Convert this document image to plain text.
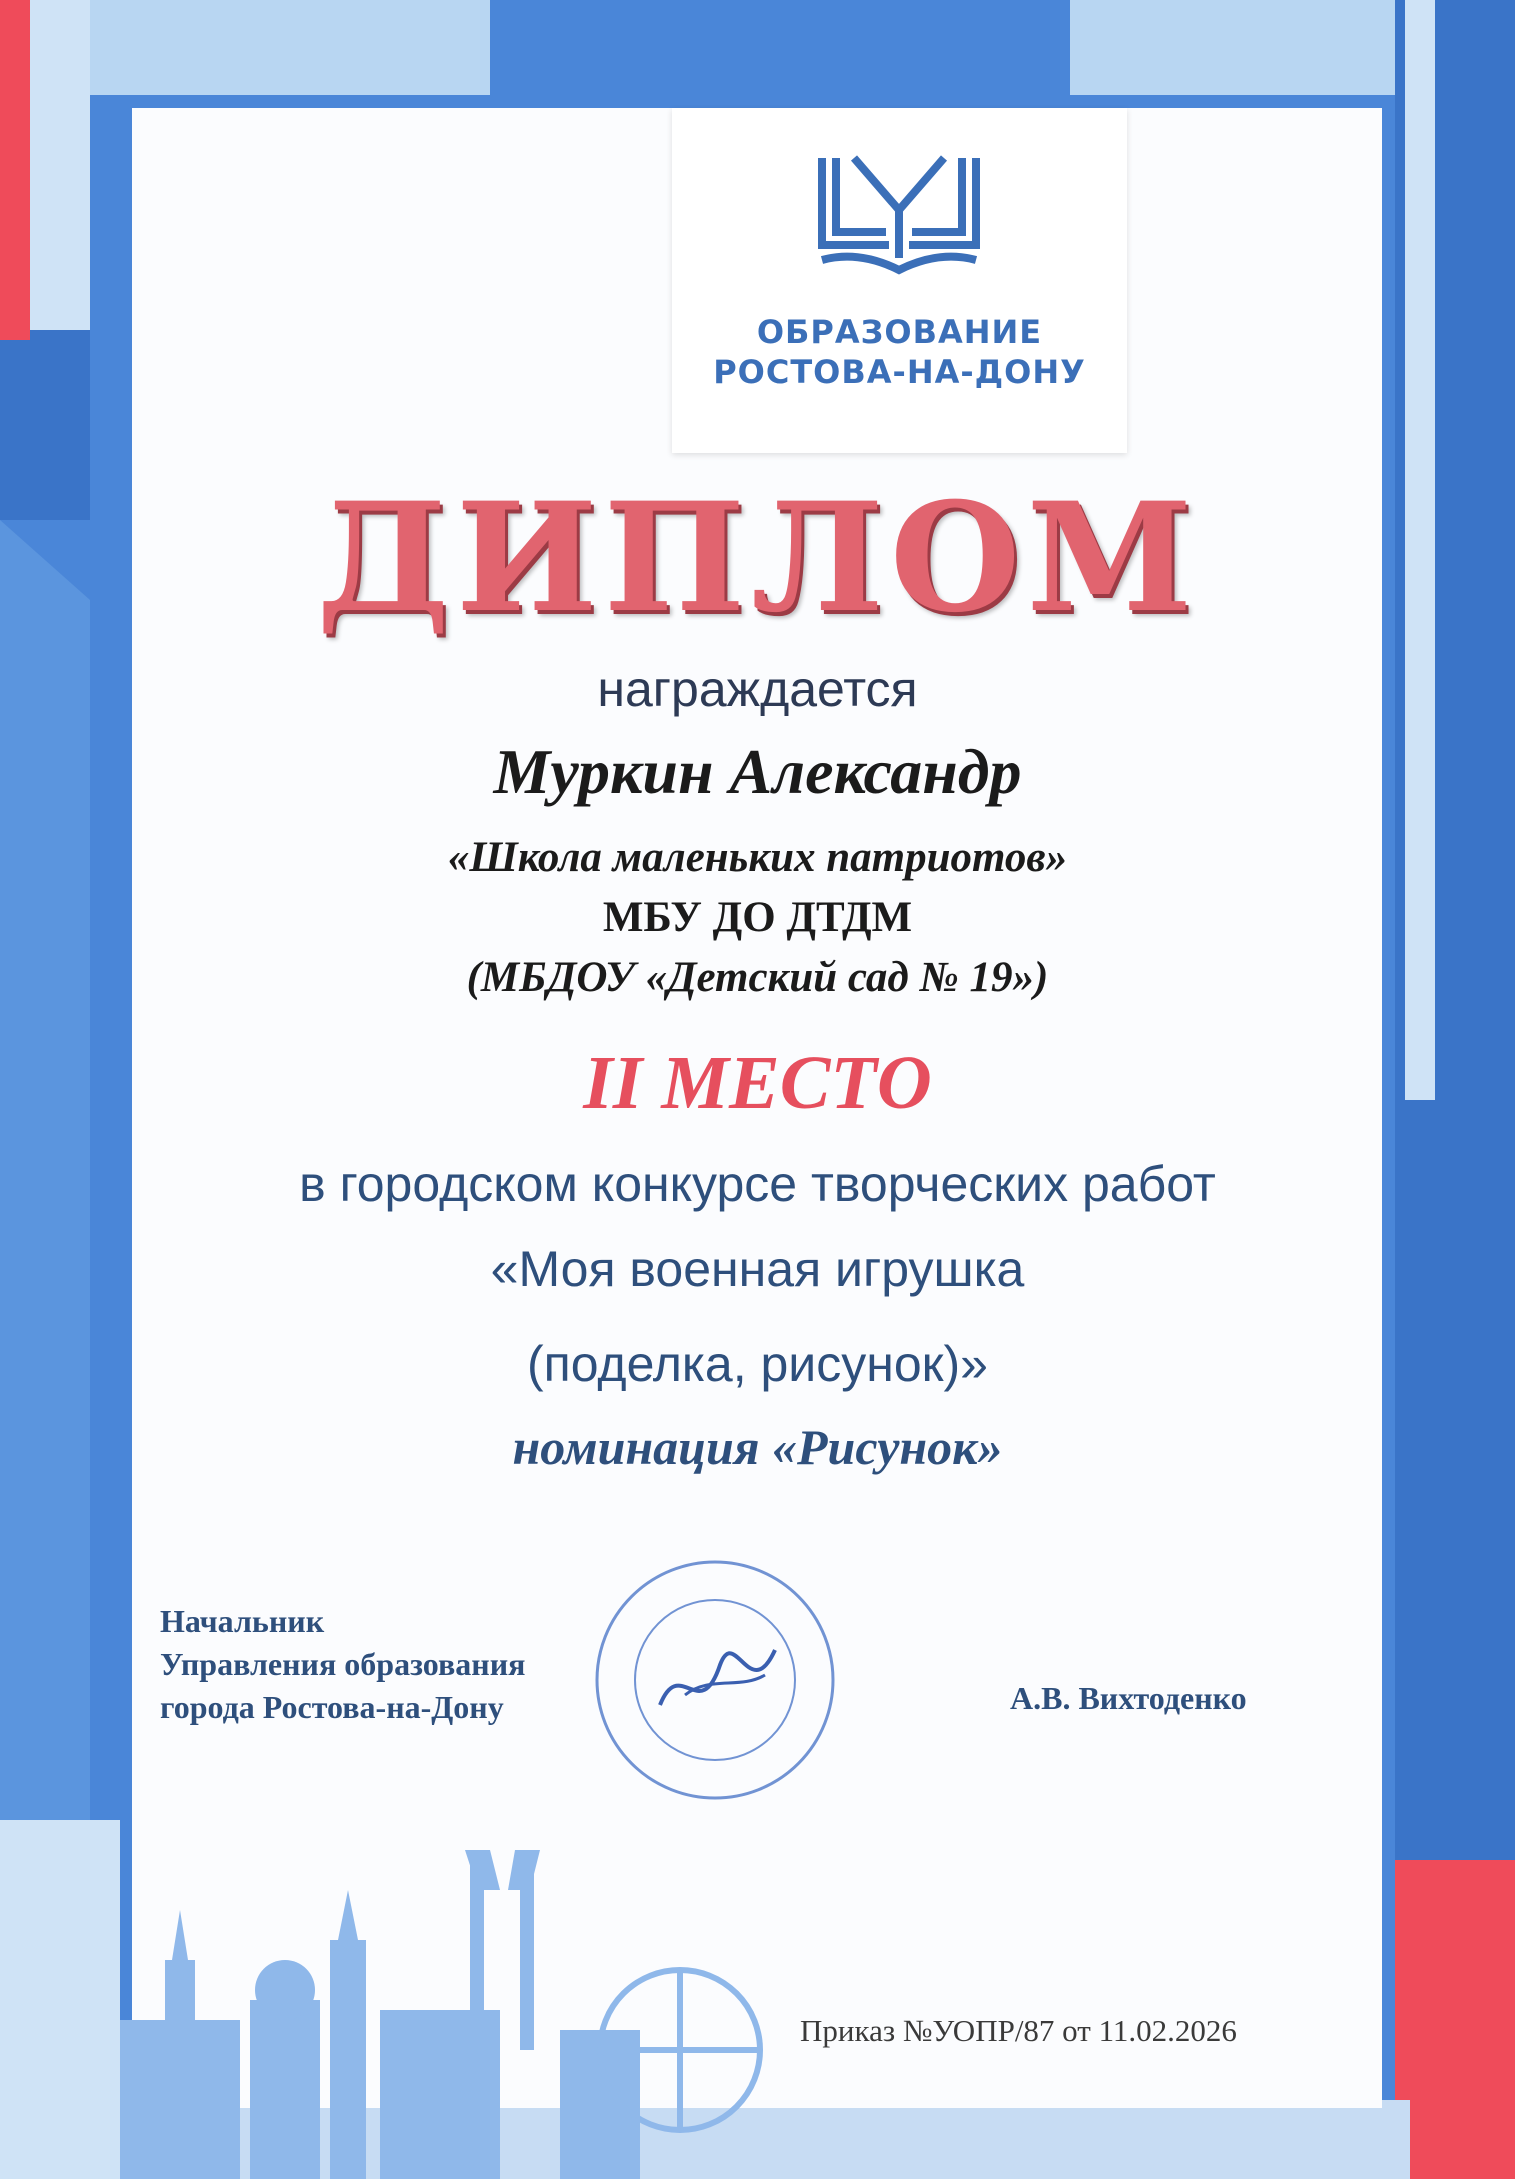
ОБРАЗОВАНИЕ
РОСТОВА-НА-ДОНУ
ДИПЛОМ
награждается
Муркин Александр
«Школа маленьких патриотов»
МБУ ДО ДТДМ
(МБДОУ «Детский сад № 19»)
II МЕСТО
в городском конкурсе творческих работ
«Моя военная игрушка
(поделка, рисунок)»
номинация «Рисунок»
Начальник
Управления образования
города Ростова-на-Дону	А.В. Вихтоденко
Приказ №УОПР/87 от 11.02.2026
